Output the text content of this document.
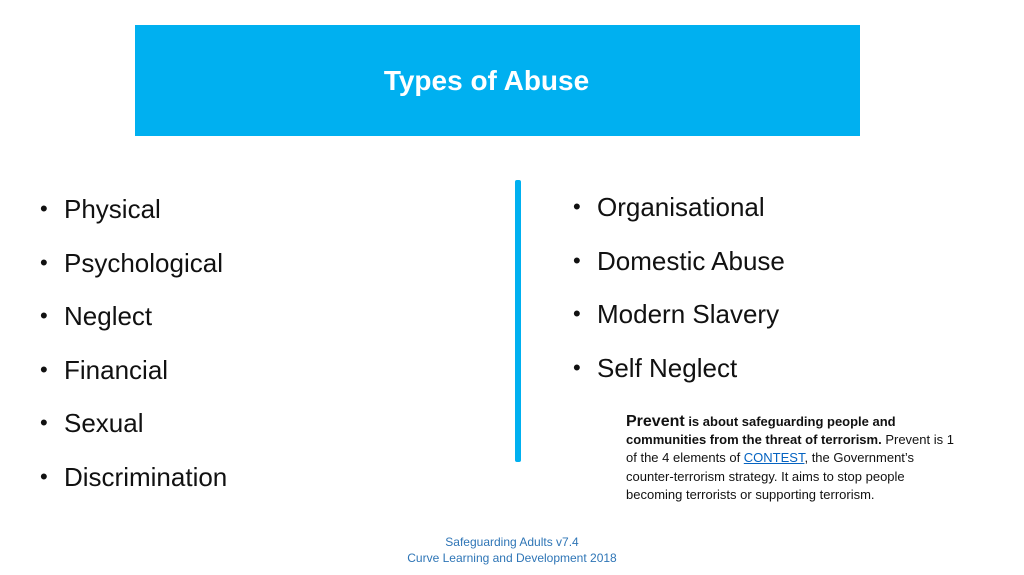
Types of Abuse
• Physical
• Psychological
• Neglect
• Financial
• Sexual
• Discrimination
• Organisational
• Domestic Abuse
• Modern Slavery
• Self Neglect
Prevent is about safeguarding people and communities from the threat of terrorism. Prevent is 1 of the 4 elements of CONTEST, the Government’s counter-terrorism strategy. It aims to stop people becoming terrorists or supporting terrorism.
Safeguarding Adults v7.4
Curve Learning and Development 2018
